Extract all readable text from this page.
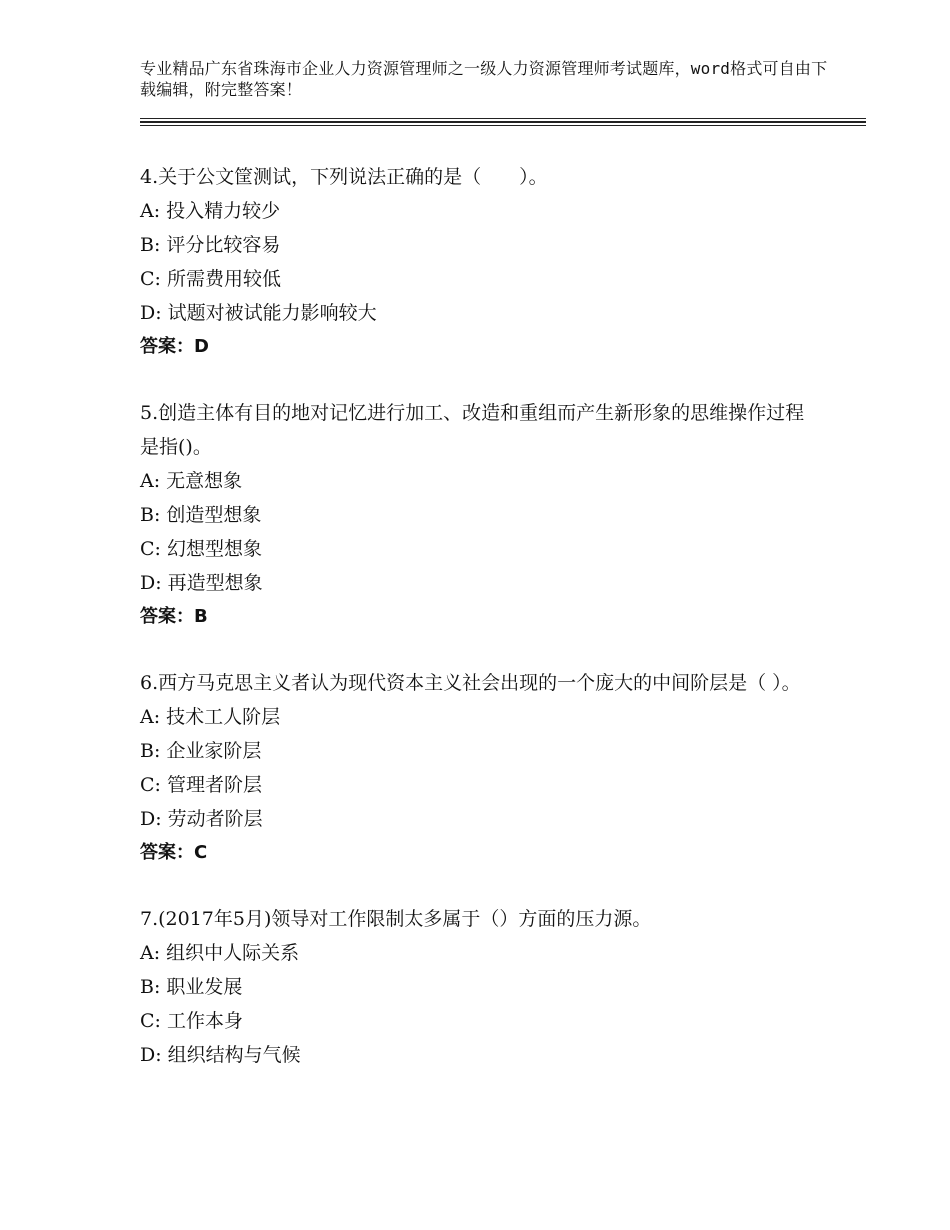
专业精品广东省珠海市企业人力资源管理师之一级人力资源管理师考试题库，word格式可自由下载编辑，附完整答案！

4.关于公文筐测试，下列说法正确的是（　　）。

A: 投入精力较少

B: 评分比较容易

C: 所需费用较低

D: 试题对被试能力影响较大

答案：D

5.创造主体有目的地对记忆进行加工、改造和重组而产生新形象的思维操作过程是指()。

A: 无意想象

B: 创造型想象

C: 幻想型想象

D: 再造型想象

答案：B

6.西方马克思主义者认为现代资本主义社会出现的一个庞大的中间阶层是（ ）。

A: 技术工人阶层

B: 企业家阶层

C: 管理者阶层

D: 劳动者阶层

答案：C

7.(2017年5月)领导对工作限制太多属于（）方面的压力源。

A: 组织中人际关系

B: 职业发展

C: 工作本身

D: 组织结构与气候
